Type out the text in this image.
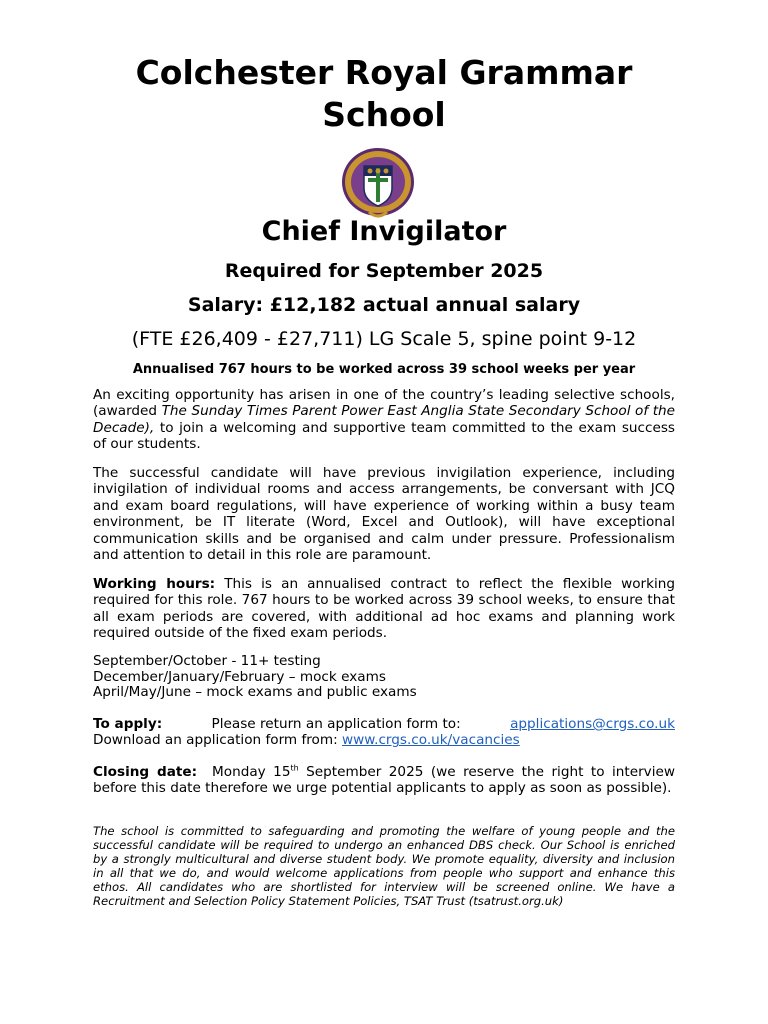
Colchester Royal Grammar School
Chief Invigilator
Required for September 2025
Salary: £12,182 actual annual salary
(FTE £26,409 - £27,711) LG Scale 5, spine point 9-12
Annualised 767 hours to be worked across 39 school weeks per year
An exciting opportunity has arisen in one of the country’s leading selective schools, (awarded The Sunday Times Parent Power East Anglia State Secondary School of the Decade), to join a welcoming and supportive team committed to the exam success of our students.
The successful candidate will have previous invigilation experience, including invigilation of individual rooms and access arrangements, be conversant with JCQ and exam board regulations, will have experience of working within a busy team environment, be IT literate (Word, Excel and Outlook), will have exceptional communication skills and be organised and calm under pressure. Professionalism and attention to detail in this role are paramount.
Working hours: This is an annualised contract to reflect the flexible working required for this role. 767 hours to be worked across 39 school weeks, to ensure that all exam periods are covered, with additional ad hoc exams and planning work required outside of the fixed exam periods.
September/October - 11+ testing
December/January/February – mock exams
April/May/June – mock exams and public exams
To apply:	Please return an application form to:	applications@crgs.co.uk
Download an application form from: www.crgs.co.uk/vacancies
Closing date: Monday 15th September 2025 (we reserve the right to interview before this date therefore we urge potential applicants to apply as soon as possible).
The school is committed to safeguarding and promoting the welfare of young people and the successful candidate will be required to undergo an enhanced DBS check. Our School is enriched by a strongly multicultural and diverse student body. We promote equality, diversity and inclusion in all that we do, and would welcome applications from people who support and enhance this ethos. All candidates who are shortlisted for interview will be screened online. We have a Recruitment and Selection Policy Statement Policies, TSAT Trust (tsatrust.org.uk)
